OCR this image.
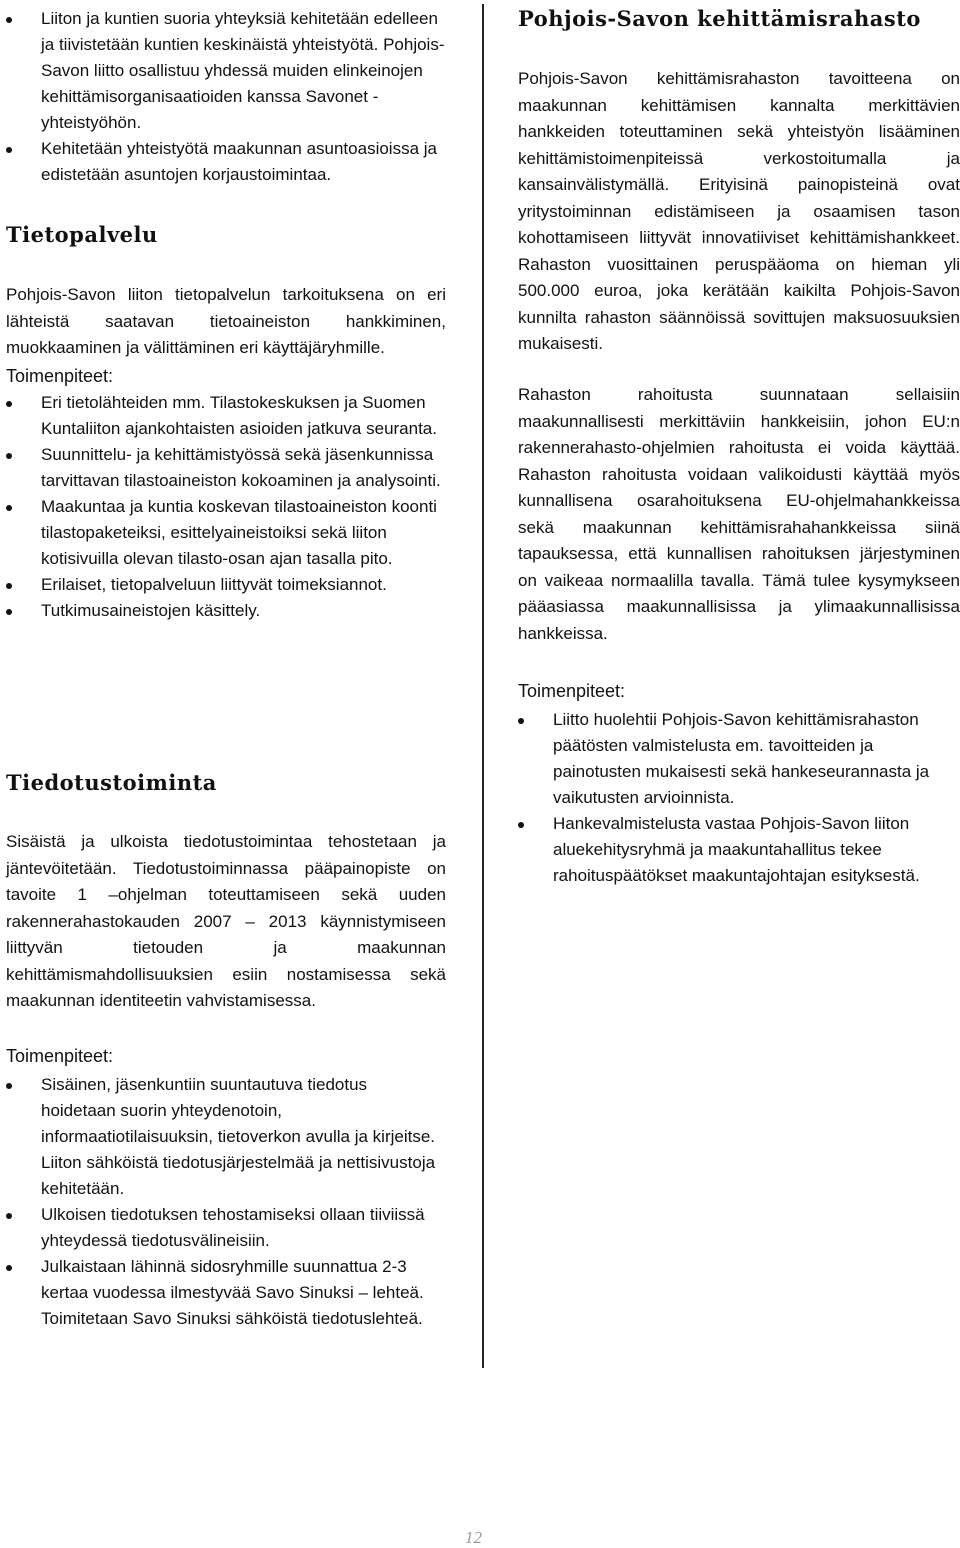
Liiton ja kuntien suoria yhteyksiä kehitetään edelleen ja tiivistetään kuntien keskinäistä yhteistyötä. Pohjois-Savon liitto osallistuu yhdessä muiden elinkeinojen kehittämisorganisaatioiden kanssa Savonet -yhteistyöhön.
Kehitetään yhteistyötä maakunnan asuntoasioissa ja edistetään asuntojen korjaustoimintaa.
Tietopalvelu

Pohjois-Savon liiton tietopalvelun tarkoituksena on eri lähteistä saatavan tietoaineiston hankkiminen, muokkaaminen ja välittäminen eri käyttäjäryhmille.

Toimenpiteet:
Eri tietolähteiden mm. Tilastokeskuksen ja Suomen Kuntaliiton ajankohtaisten asioiden jatkuva seuranta.
Suunnittelu- ja kehittämistyössä sekä jäsenkunnissa tarvittavan tilastoaineiston kokoaminen ja analysointi.
Maakuntaa ja kuntia koskevan tilastoaineiston koonti tilastopaketeiksi, esittelyaineistoiksi sekä liiton kotisivuilla olevan tilasto-osan ajan tasalla pito.
Erilaiset, tietopalveluun liittyvät toimeksiannot.
Tutkimusaineistojen käsittely.
Tiedotustoiminta

Sisäistä ja ulkoista tiedotustoimintaa tehostetaan ja jäntevöitetään. Tiedotustoiminnassa pääpainopiste on tavoite 1 –ohjelman toteuttamiseen sekä uuden rakennerahastokauden 2007 – 2013 käynnistymiseen liittyvän tietouden ja maakunnan kehittämismahdollisuuksien esiin nostamisessa sekä maakunnan identiteetin vahvistamisessa.

Toimenpiteet:
Sisäinen, jäsenkuntiin suuntautuva tiedotus hoidetaan suorin yhteydenotoin, informaatiotilaisuuksin, tietoverkon avulla ja kirjeitse. Liiton sähköistä tiedotusjärjestelmää ja nettisivustoja kehitetään.
Ulkoisen tiedotuksen tehostamiseksi ollaan tiiviissä yhteydessä tiedotusvälineisiin.
Julkaistaan lähinnä sidosryhmille suunnattua 2-3 kertaa vuodessa ilmestyvää Savo Sinuksi – lehteä. Toimitetaan Savo Sinuksi sähköistä tiedotuslehteä.
Pohjois-Savon kehittämisrahasto

Pohjois-Savon kehittämisrahaston tavoitteena on maakunnan kehittämisen kannalta merkittävien hankkeiden toteuttaminen sekä yhteistyön lisääminen kehittämistoimenpiteissä verkostoitumalla ja kansainvälistymällä. Erityisinä painopisteinä ovat yritystoiminnan edistämiseen ja osaamisen tason kohottamiseen liittyvät innovatiiviset kehittämishankkeet. Rahaston vuosittainen peruspääoma on hieman yli 500.000 euroa, joka kerätään kaikilta Pohjois-Savon kunnilta rahaston säännöissä sovittujen maksuosuuksien mukaisesti.

Rahaston rahoitusta suunnataan sellaisiin maakunnallisesti merkittäviin hankkeisiin, johon EU:n rakennerahasto-ohjelmien rahoitusta ei voida käyttää. Rahaston rahoitusta voidaan valikoidusti käyttää myös kunnallisena osarahoituksena EU-ohjelmahankkeissa sekä maakunnan kehittämisrahahankkeissa siinä tapauksessa, että kunnallisen rahoituksen järjestyminen on vaikeaa normaalilla tavalla. Tämä tulee kysymykseen pääasiassa maakunnallisissa ja ylimaakunnallisissa hankkeissa.

Toimenpiteet:
Liitto huolehtii Pohjois-Savon kehittämisrahaston päätösten valmistelusta em. tavoitteiden ja painotusten mukaisesti sekä hankeseurannasta ja vaikutusten arvioinnista.
Hankevalmistelusta vastaa Pohjois-Savon liiton aluekehitysryhmä ja maakuntahallitus tekee rahoituspäätökset maakuntajohtajan esityksestä.
12
